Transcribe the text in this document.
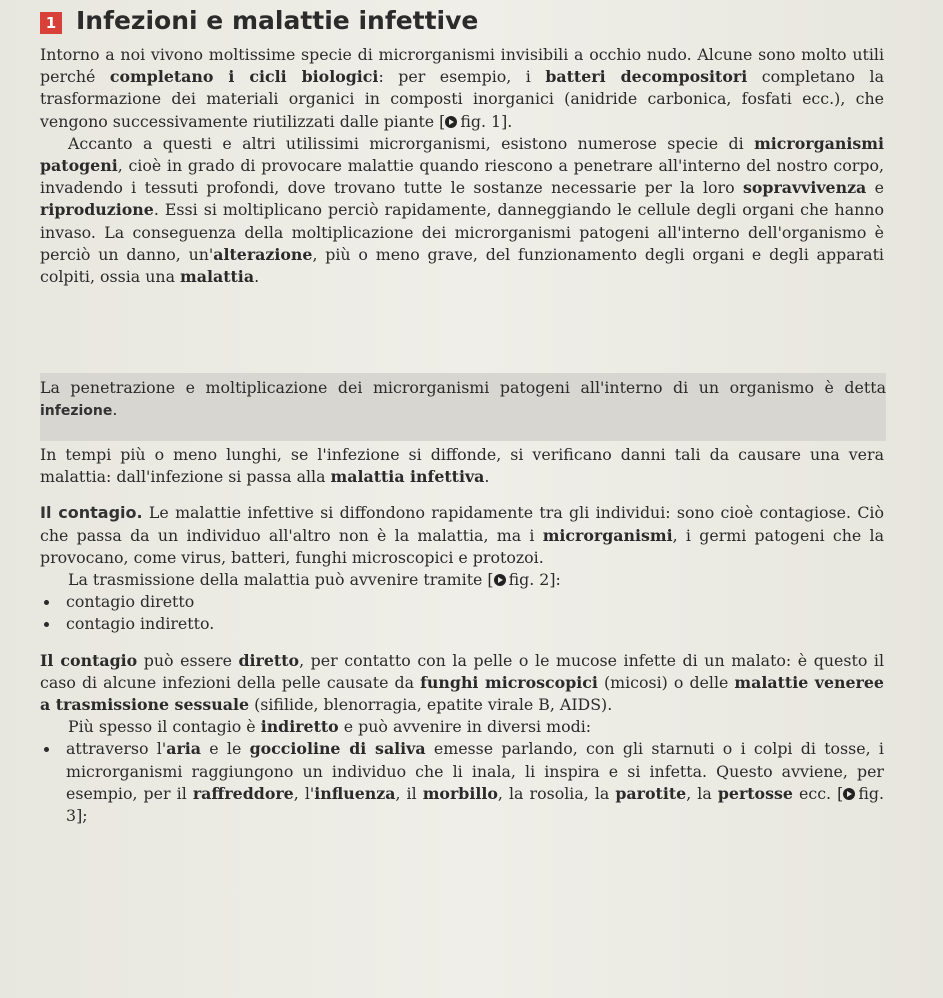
1 Infezioni e malattie infettive

Intorno a noi vivono moltissime specie di microrganismi invisibili a occhio nudo. Alcune sono molto utili perché completano i cicli biologici: per esempio, i batteri decompositori completano la trasformazione dei materiali organici in composti inorganici (anidride carbonica, fosfati ecc.), che vengono successivamente riutilizzati dalle piante [ fig. 1].

Accanto a questi e altri utilissimi microrganismi, esistono numerose specie di microrganismi patogeni, cioè in grado di provocare malattie quando riescono a penetrare all'interno del nostro corpo, invadendo i tessuti profondi, dove trovano tutte le sostanze necessarie per la loro sopravvivenza e riproduzione. Essi si moltiplicano perciò rapidamente, danneggiando le cellule degli organi che hanno invaso. La conseguenza della moltiplicazione dei microrganismi patogeni all'interno dell'organismo è perciò un danno, un'alterazione, più o meno grave, del funzionamento degli organi e degli apparati colpiti, ossia una malattia.

La penetrazione e moltiplicazione dei microrganismi patogeni all'interno di un organismo è detta infezione.

In tempi più o meno lunghi, se l'infezione si diffonde, si verificano danni tali da causare una vera malattia: dall'infezione si passa alla malattia infettiva.

Il contagio. Le malattie infettive si diffondono rapidamente tra gli individui: sono cioè contagiose. Ciò che passa da un individuo all'altro non è la malattia, ma i microrganismi, i germi patogeni che la provocano, come virus, batteri, funghi microscopici e protozoi.

La trasmissione della malattia può avvenire tramite [ fig. 2]:

contagio diretto
contagio indiretto.

Il contagio può essere diretto, per contatto con la pelle o le mucose infette di un malato: è questo il caso di alcune infezioni della pelle causate da funghi microscopici (micosi) o delle malattie veneree a trasmissione sessuale (sifilide, blenorragia, epatite virale B, AIDS).

Più spesso il contagio è indiretto e può avvenire in diversi modi:

attraverso l'aria e le goccioline di saliva emesse parlando, con gli starnuti o i colpi di tosse, i microrganismi raggiungono un individuo che li inala, li inspira e si infetta. Questo avviene, per esempio, per il raffreddore, l'influenza, il morbillo, la rosolia, la parotite, la pertosse ecc. [ fig. 3];
